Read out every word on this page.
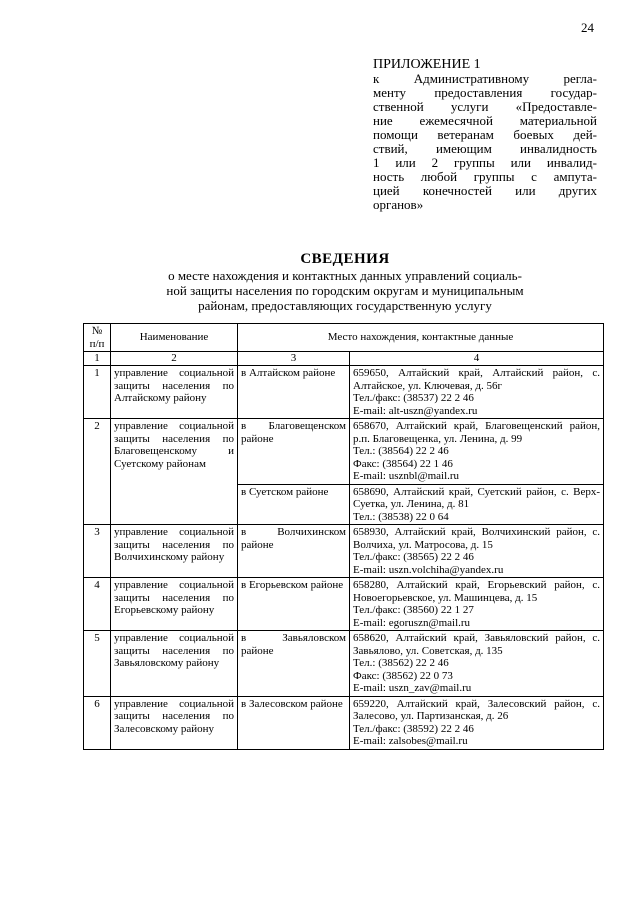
24
ПРИЛОЖЕНИЕ 1
к Административному регла-
менту предоставления государ-
ственной услуги «Предоставле-
ние ежемесячной материальной
помощи ветеранам боевых дей-
ствий, имеющим инвалидность
1 или 2 группы или инвалид-
ность любой группы с ампута-
цией конечностей или других
органов»
СВЕДЕНИЯ
о месте нахождения и контактных данных управлений социаль-
ной защиты населения по городским округам и муниципальным
районам, предоставляющих государственную услугу
№ п/п	Наименование	Место нахождения, контактные данные	
1	2	3	4
1	управление социальной защиты населения по Алтайскому району	в Алтайском районе	659650, Алтайский край, Алтайский район, с. Алтайское, ул. Ключевая, д. 56г
Тел./факс: (38537) 22 2 46
E-mail: alt-uszn@yandex.ru

2	управление социальной защиты населения по Благовещенскому и Суетскому районам	в Благовещенском районе	658670, Алтайский край, Благовещенский район, р.п. Благовещенка, ул. Ленина, д. 99
Тел.: (38564) 22 2 46
Факс: (38564) 22 1 46
E-mail: usznbl@mail.ru

		в Суетском районе	658690, Алтайский край, Суетский район, с. Верх-Суетка, ул. Ленина, д. 81
Тел.: (38538) 22 0 64

3	управление социальной защиты населения по Волчихинскому району	в Волчихинском районе	658930, Алтайский край, Волчихинский район, с. Волчиха, ул. Матросова, д. 15
Тел./факс: (38565) 22 2 46
E-mail: uszn.volchiha@yandex.ru

4	управление социальной защиты населения по Егорьевскому району	в Егорьевском районе	658280, Алтайский край, Егорьевский район, с. Новоегорьевское, ул. Машинцева, д. 15
Тел./факс: (38560) 22 1 27
E-mail: egoruszn@mail.ru

5	управление социальной защиты населения по Завьяловскому району	в Завьяловском районе	658620, Алтайский край, Завьяловский район, с. Завьялово, ул. Советская, д. 135
Тел.: (38562) 22 2 46
Факс: (38562) 22 0 73
E-mail: uszn_zav@mail.ru

6	управление социальной защиты населения по Залесовскому району	в Залесовском районе	659220, Алтайский край, Залесовский район, с. Залесово, ул. Партизанская, д. 26
Тел./факс: (38592) 22 2 46
E-mail: zalsobes@mail.ru
